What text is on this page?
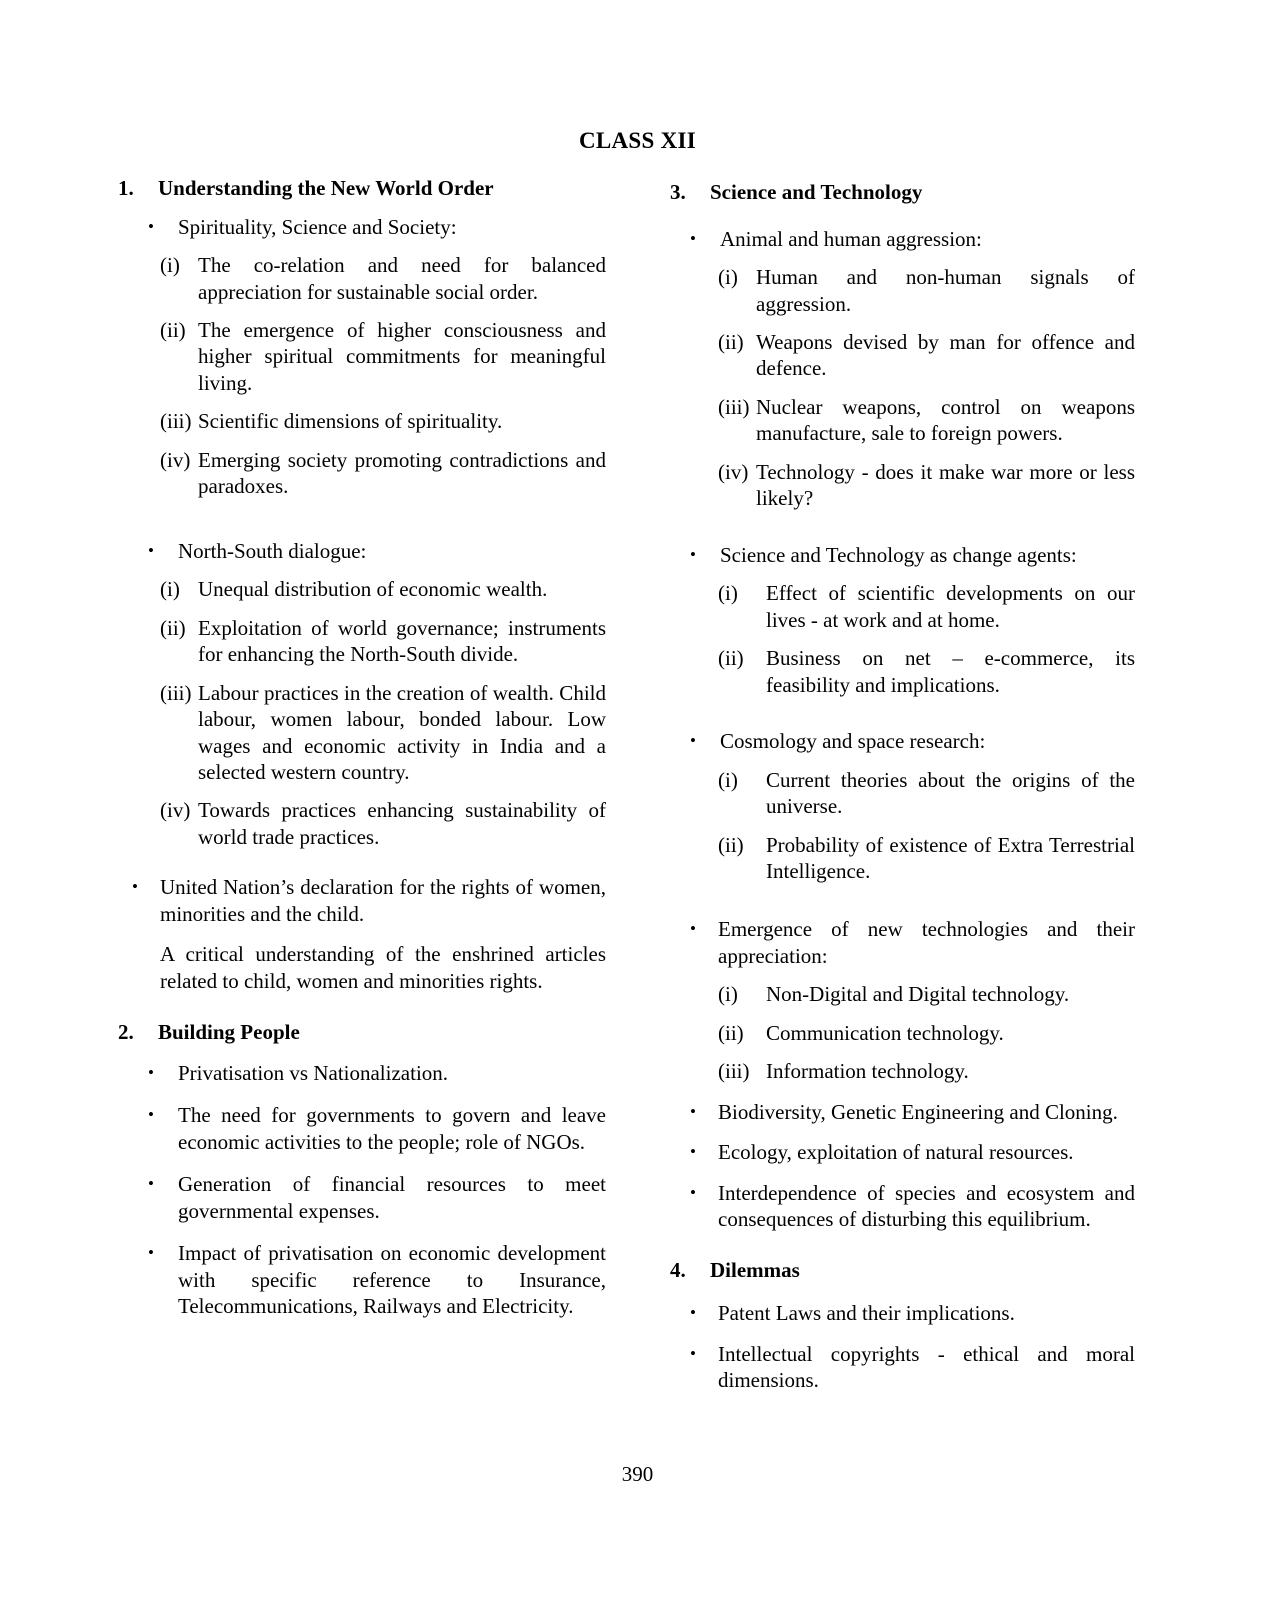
CLASS XII
1.	Understanding the New World Order
•	Spirituality, Science and Society:
(i) The co-relation and need for balanced appreciation for sustainable social order.
(ii) The emergence of higher consciousness and higher spiritual commitments for meaningful living.
(iii) Scientific dimensions of spirituality.
(iv) Emerging society promoting contradictions and paradoxes.
•	North-South dialogue:
(i) Unequal distribution of economic wealth.
(ii) Exploitation of world governance; instruments for enhancing the North-South divide.
(iii) Labour practices in the creation of wealth. Child labour, women labour, bonded labour. Low wages and economic activity in India and a selected western country.
(iv) Towards practices enhancing sustainability of world trade practices.
• United Nation’s declaration for the rights of women, minorities and the child.
A critical understanding of the enshrined articles related to child, women and minorities rights.
2.	Building People
•	Privatisation vs Nationalization.
•	The need for governments to govern and leave economic activities to the people; role of NGOs.
•	Generation of financial resources to meet governmental expenses.
•	Impact of privatisation on economic development with specific reference to Insurance, Telecommunications, Railways and Electricity.
3.	Science and Technology
•	Animal and human aggression:
(i) Human and non-human signals of aggression.
(ii) Weapons devised by man for offence and defence.
(iii) Nuclear weapons, control on weapons manufacture, sale to foreign powers.
(iv) Technology - does it make war more or less likely?
•	Science and Technology as change agents:
(i)	Effect of scientific developments on our lives - at work and at home.
(ii)	Business on net – e-commerce, its feasibility and implications.
•	Cosmology and space research:
(i)	Current theories about the origins of the universe.
(ii)	Probability of existence of Extra Terrestrial Intelligence.
• Emergence of new technologies and their appreciation:
(i)	Non-Digital and Digital technology.
(ii)	Communication technology.
(iii) Information technology.
• Biodiversity, Genetic Engineering and Cloning.
• Ecology, exploitation of natural resources.
• Interdependence of species and ecosystem and consequences of disturbing this equilibrium.
4.	Dilemmas
• Patent Laws and their implications.
• Intellectual copyrights - ethical and moral dimensions.
390
